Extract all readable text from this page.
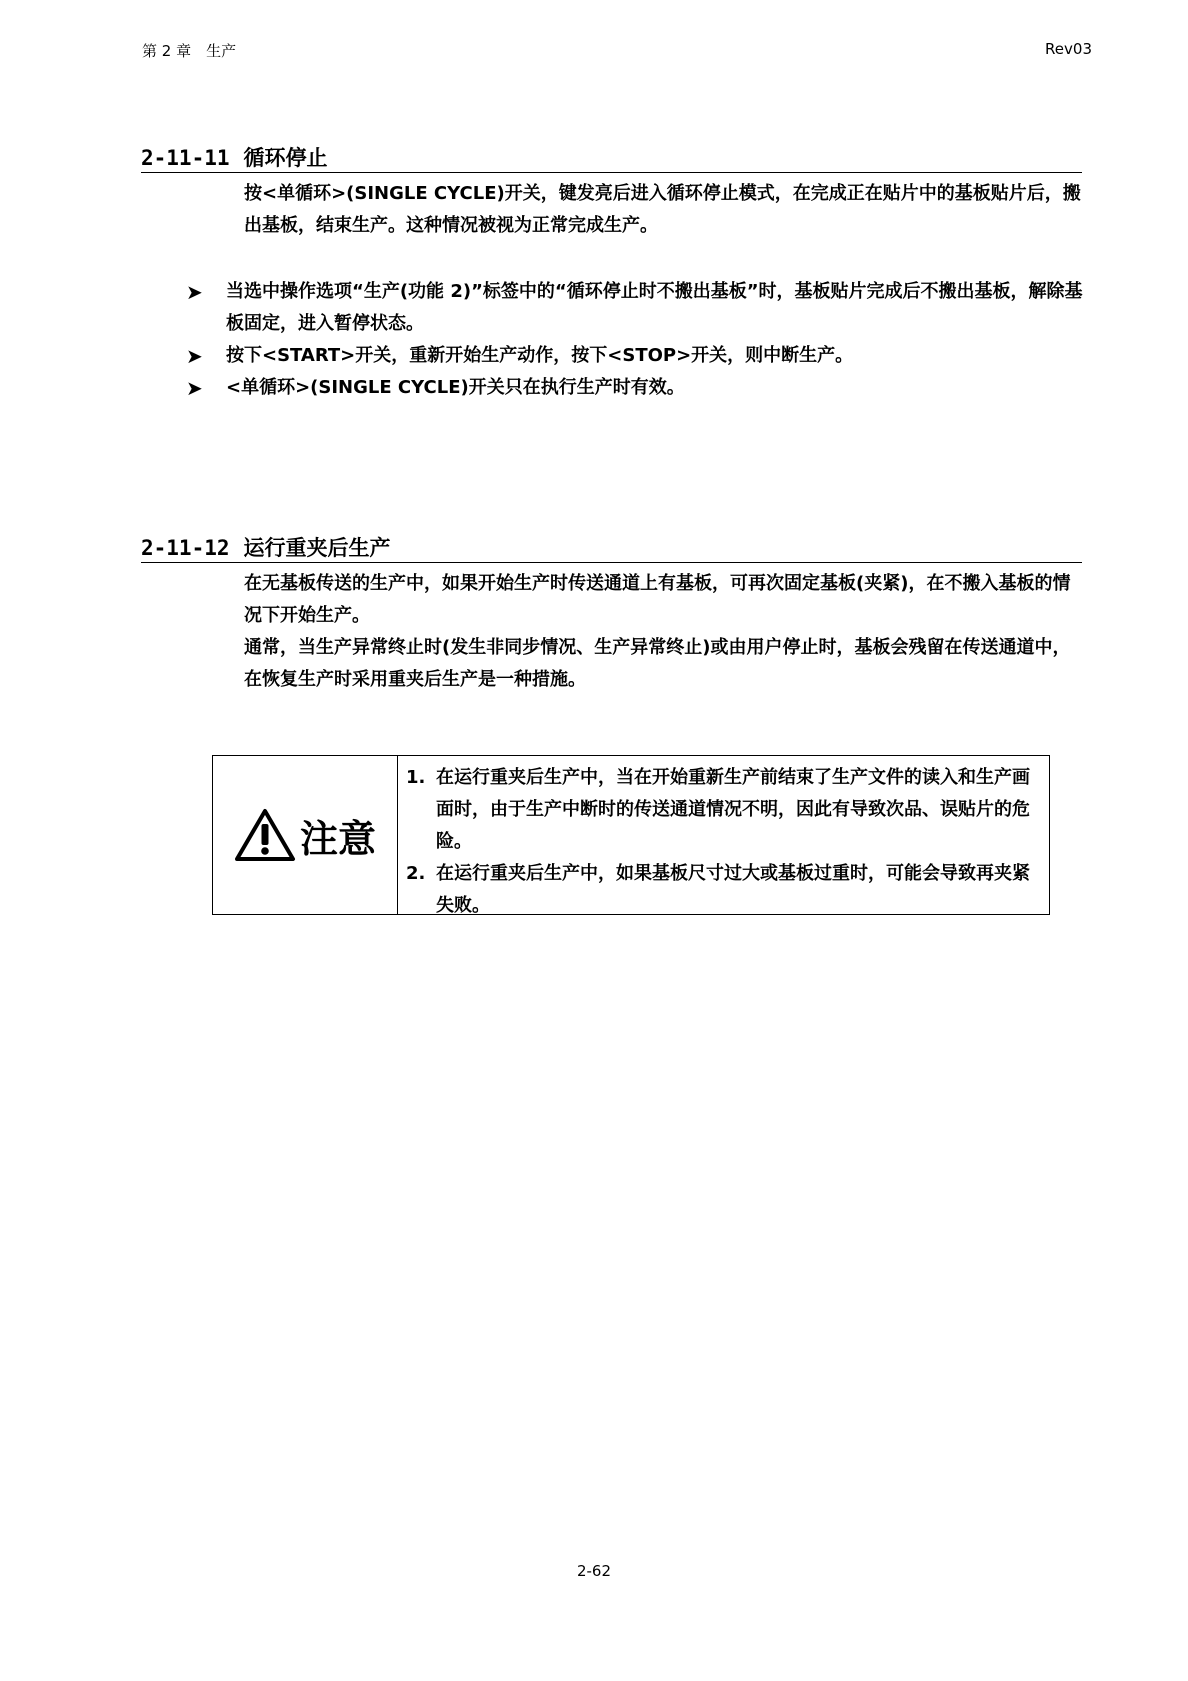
第 2 章　生产	Rev03
2-11-11 循环停止
按<单循环>(SINGLE CYCLE)开关，键发亮后进入循环停止模式，在完成正在贴片中的基板贴片后，搬出基板，结束生产。这种情况被视为正常完成生产。
➤	当选中操作选项“生产(功能 2)”标签中的“循环停止时不搬出基板”时，基板贴片完成后不搬出基板，解除基板固定，进入暂停状态。
➤	按下<START>开关，重新开始生产动作，按下<STOP>开关，则中断生产。
➤	<单循环>(SINGLE CYCLE)开关只在执行生产时有效。
2-11-12 运行重夹后生产
在无基板传送的生产中，如果开始生产时传送通道上有基板，可再次固定基板(夹紧)，在不搬入基板的情况下开始生产。
通常，当生产异常终止时(发生非同步情况、生产异常终止)或由用户停止时，基板会残留在传送通道中，在恢复生产时采用重夹后生产是一种措施。
注意
1. 在运行重夹后生产中，当在开始重新生产前结束了生产文件的读入和生产画面时，由于生产中断时的传送通道情况不明，因此有导致次品、误贴片的危险。
2. 在运行重夹后生产中，如果基板尺寸过大或基板过重时，可能会导致再夹紧失败。
2-62
